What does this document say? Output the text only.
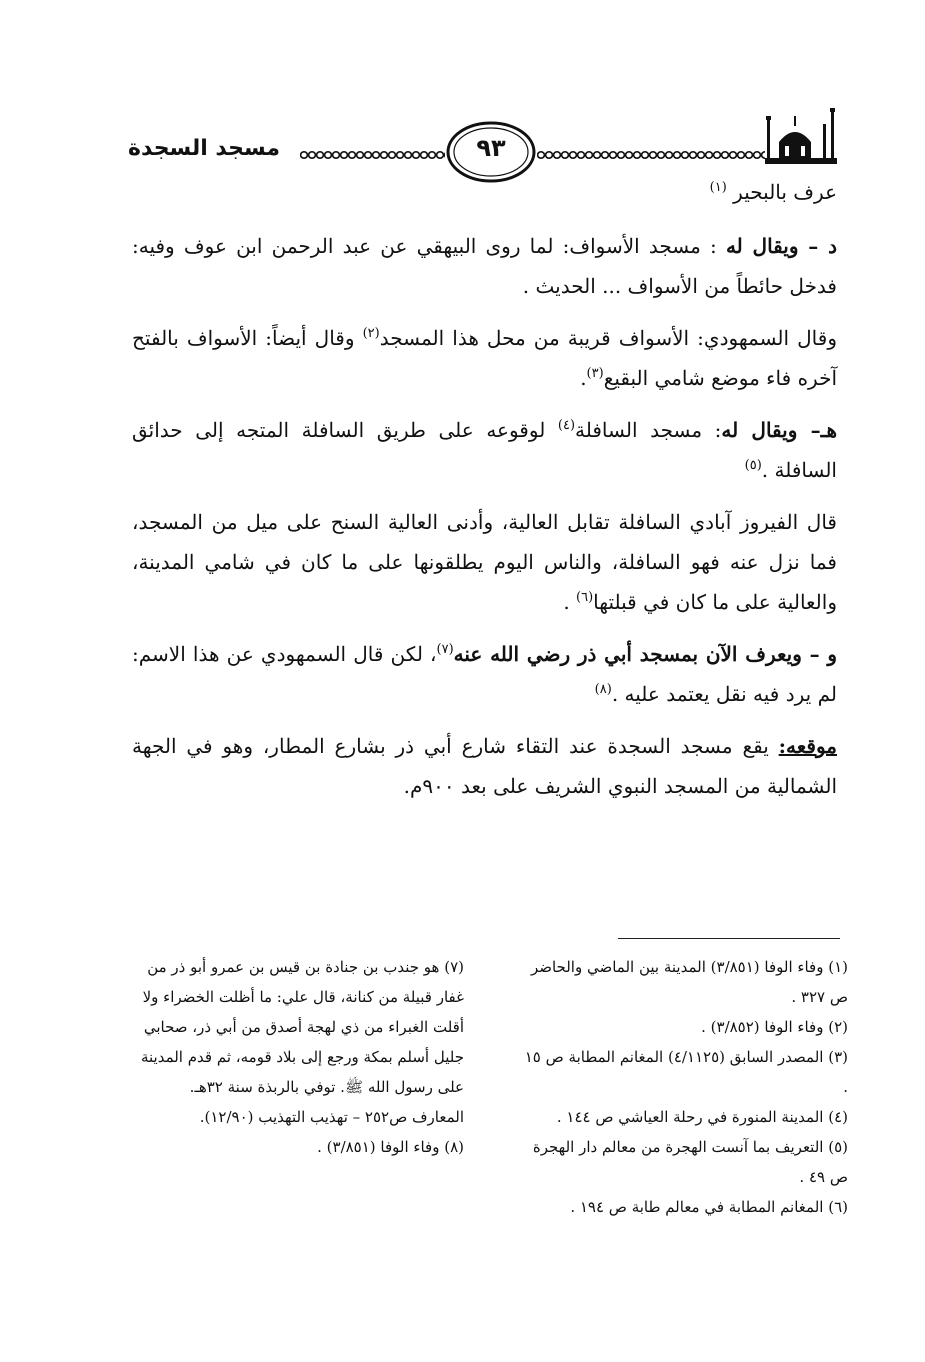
مسجد السجدة	٩٣

عرف بالبحير $^{(١)}$

د – ويقال له : مسجد الأسواف: لما روى البيهقي عن عبد الرحمن ابن عوف وفيه: فدخل حائطاً من الأسواف ... الحديث .

وقال السمهودي: الأسواف قريبة من محل هذا المسجد$^{(٢)}$ وقال أيضاً: الأسواف بالفتح آخره فاء موضع شامي البقيع$^{(٣)}$.

هـ– ويقال له: مسجد السافلة$^{(٤)}$ لوقوعه على طريق السافلة المتجه إلى حدائق السافلة .$^{(٥)}$

قال الفيروز آبادي السافلة تقابل العالية، وأدنى العالية السنح على ميل من المسجد، فما نزل عنه فهو السافلة، والناس اليوم يطلقونها على ما كان في شامي المدينة، والعالية على ما كان في قبلتها$^{(٦)}$ .

و – ويعرف الآن بمسجد أبي ذر رضي الله عنه$^{(٧)}$، لكن قال السمهودي عن هذا الاسم: لم يرد فيه نقل يعتمد عليه .$^{(٨)}$

موقعه: يقع مسجد السجدة عند التقاء شارع أبي ذر بشارع المطار، وهو في الجهة الشمالية من المسجد النبوي الشريف على بعد ٩٠٠م.

(١) وفاء الوفا (٣/٨٥١) المدينة بين الماضي والحاضر ص ٣٢٧ .

(٢) وفاء الوفا (٣/٨٥٢) .

(٣) المصدر السابق (٤/١١٢٥) المغانم المطابة ص ١٥ .

(٤) المدينة المنورة في رحلة العياشي ص ١٤٤ .

(٥) التعريف بما آنست الهجرة من معالم دار الهجرة ص ٤٩ .

(٦) المغانم المطابة في معالم طابة ص ١٩٤ .

(٧) هو جندب بن جنادة بن قيس بن عمرو أبو ذر من غفار قبيلة من كنانة، قال علي: ما أظلت الخضراء ولا أقلت الغبراء من ذي لهجة أصدق من أبي ذر، صحابي جليل أسلم بمكة ورجع إلى بلاد قومه، ثم قدم المدينة على رسول الله ﷺ. توفي بالربذة سنة ٣٢هـ. المعارف ص٢٥٢ – تهذيب التهذيب (١٢/٩٠).

(٨) وفاء الوفا (٣/٨٥١) .
